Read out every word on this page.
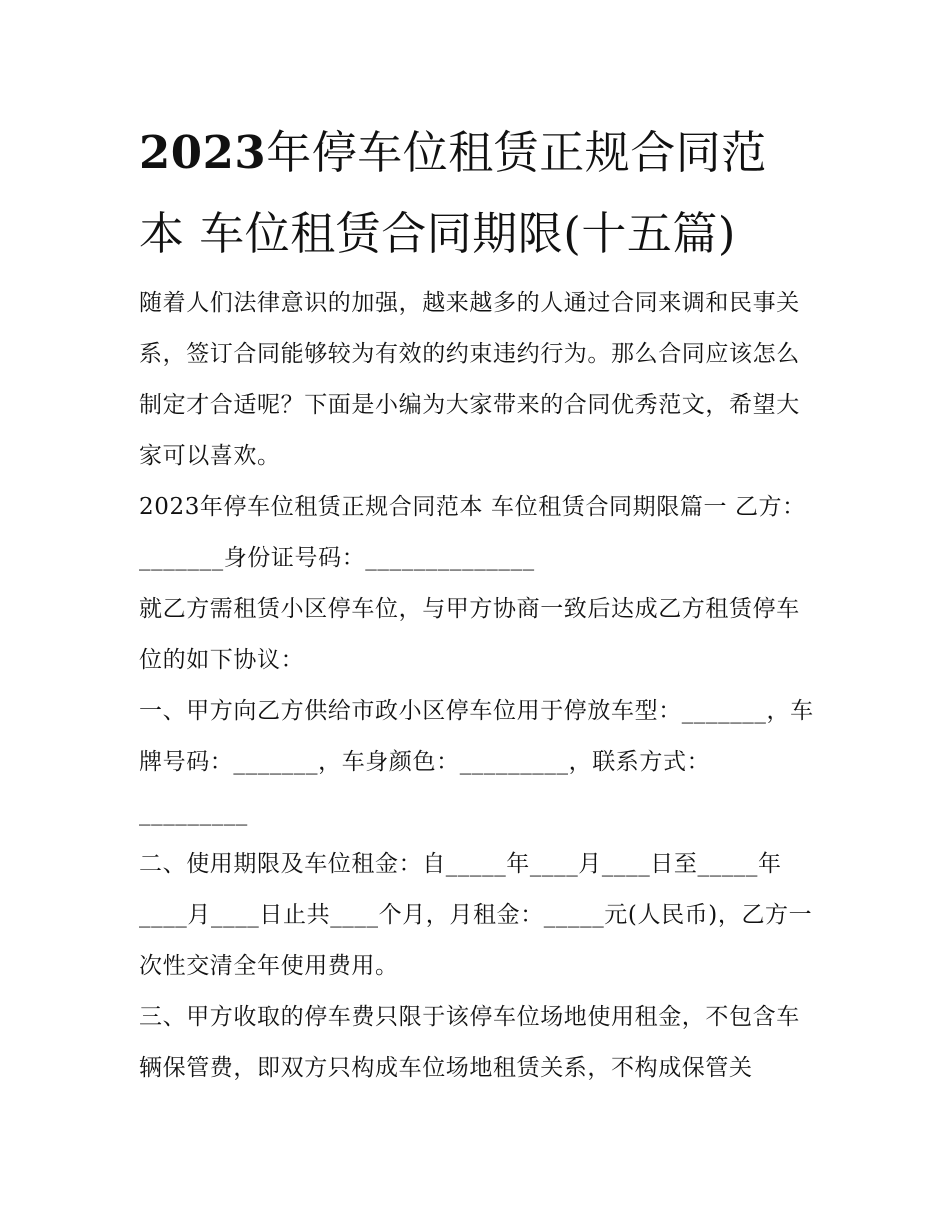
2023年停车位租赁正规合同范
本 车位租赁合同期限(十五篇)

随着人们法律意识的加强，越来越多的人通过合同来调和民事关系，签订合同能够较为有效的约束违约行为。那么合同应该怎么制定才合适呢？下面是小编为大家带来的合同优秀范文，希望大家可以喜欢。

2023年停车位租赁正规合同范本 车位租赁合同期限篇一 乙方：_______身份证号码：______________

就乙方需租赁小区停车位，与甲方协商一致后达成乙方租赁停车位的如下协议：

一、甲方向乙方供给市政小区停车位用于停放车型：_______，车牌号码：_______，车身颜色：_________，联系方式：_________

二、使用期限及车位租金：自_____年____月____日至_____年____月____日止共____个月，月租金：_____元(人民币)，乙方一次性交清全年使用费用。

三、甲方收取的停车费只限于该停车位场地使用租金，不包含车辆保管费，即双方只构成车位场地租赁关系，不构成保管关
